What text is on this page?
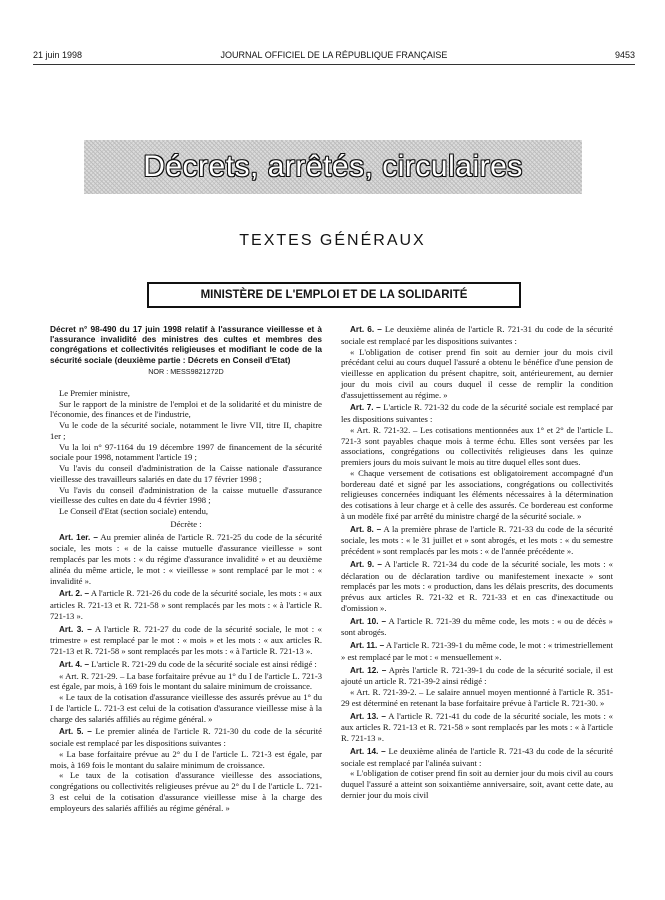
21 juin 1998	JOURNAL OFFICIEL DE LA RÉPUBLIQUE FRANÇAISE	9453
Décrets, arrêtés, circulaires
TEXTES GÉNÉRAUX
MINISTÈRE DE L'EMPLOI ET DE LA SOLIDARITÉ

Décret n° 98-490 du 17 juin 1998 relatif à l'assurance vieillesse et à l'assurance invalidité des ministres des cultes et membres des congrégations et collectivités religieuses et modifiant le code de la sécurité sociale (deuxième partie : Décrets en Conseil d'Etat)

NOR : MESS9821272D

Le Premier ministre,

Sur le rapport de la ministre de l'emploi et de la solidarité et du ministre de l'économie, des finances et de l'industrie,

Vu le code de la sécurité sociale, notamment le livre VII, titre II, chapitre 1er ;

Vu la loi n° 97-1164 du 19 décembre 1997 de financement de la sécurité sociale pour 1998, notamment l'article 19 ;

Vu l'avis du conseil d'administration de la Caisse nationale d'assurance vieillesse des travailleurs salariés en date du 17 février 1998 ;

Vu l'avis du conseil d'administration de la caisse mutuelle d'assurance vieillesse des cultes en date du 4 février 1998 ;

Le Conseil d'Etat (section sociale) entendu,

Décrète :

Art. 1er. – Au premier alinéa de l'article R. 721-25 du code de la sécurité sociale, les mots : « de la caisse mutuelle d'assurance vieillesse » sont remplacés par les mots : « du régime d'assurance invalidité » et au deuxième alinéa du même article, le mot : « vieillesse » sont remplacé par le mot : « invalidité ».

Art. 2. – A l'article R. 721-26 du code de la sécurité sociale, les mots : « aux articles R. 721-13 et R. 721-58 » sont remplacés par les mots : « à l'article R. 721-13 ».

Art. 3. – A l'article R. 721-27 du code de la sécurité sociale, le mot : « trimestre » est remplacé par le mot : « mois » et les mots : « aux articles R. 721-13 et R. 721-58 » sont remplacés par les mots : « à l'article R. 721-13 ».

Art. 4. – L'article R. 721-29 du code de la sécurité sociale est ainsi rédigé :

« Art. R. 721-29. – La base forfaitaire prévue au 1° du I de l'article L. 721-3 est égale, par mois, à 169 fois le montant du salaire minimum de croissance.

« Le taux de la cotisation d'assurance vieillesse des assurés prévue au 1° du I de l'article L. 721-3 est celui de la cotisation d'assurance vieillesse mise à la charge des salariés affiliés au régime général. »

Art. 5. – Le premier alinéa de l'article R. 721-30 du code de la sécurité sociale est remplacé par les dispositions suivantes :

« La base forfaitaire prévue au 2° du I de l'article L. 721-3 est égale, par mois, à 169 fois le montant du salaire minimum de croissance.

« Le taux de la cotisation d'assurance vieillesse des associations, congrégations ou collectivités religieuses prévue au 2° du I de l'article L. 721-3 est celui de la cotisation d'assurance vieillesse mise à la charge des employeurs des salariés affiliés au régime général. »

Art. 6. – Le deuxième alinéa de l'article R. 721-31 du code de la sécurité sociale est remplacé par les dispositions suivantes :

« L'obligation de cotiser prend fin soit au dernier jour du mois civil précédant celui au cours duquel l'assuré a obtenu le bénéfice d'une pension de vieillesse en application du présent chapitre, soit, antérieurement, au dernier jour du mois civil au cours duquel il cesse de remplir la condition d'assujettissement au régime. »

Art. 7. – L'article R. 721-32 du code de la sécurité sociale est remplacé par les dispositions suivantes :

« Art. R. 721-32. – Les cotisations mentionnées aux 1° et 2° de l'article L. 721-3 sont payables chaque mois à terme échu. Elles sont versées par les associations, congrégations ou collectivités religieuses dans les quinze premiers jours du mois suivant le mois au titre duquel elles sont dues.

« Chaque versement de cotisations est obligatoirement accompagné d'un bordereau daté et signé par les associations, congrégations ou collectivités religieuses concernées indiquant les éléments nécessaires à la détermination des cotisations à leur charge et à celle des assurés. Ce bordereau est conforme à un modèle fixé par arrêté du ministre chargé de la sécurité sociale. »

Art. 8. – A la première phrase de l'article R. 721-33 du code de la sécurité sociale, les mots : « le 31 juillet et » sont abrogés, et les mots : « du semestre précédent » sont remplacés par les mots : « de l'année précédente ».

Art. 9. – A l'article R. 721-34 du code de la sécurité sociale, les mots : « déclaration ou de déclaration tardive ou manifestement inexacte » sont remplacés par les mots : « production, dans les délais prescrits, des documents prévus aux articles R. 721-32 et R. 721-33 et en cas d'inexactitude ou d'omission ».

Art. 10. – A l'article R. 721-39 du même code, les mots : « ou de décès » sont abrogés.

Art. 11. – A l'article R. 721-39-1 du même code, le mot : « trimestriellement » est remplacé par le mot : « mensuellement ».

Art. 12. – Après l'article R. 721-39-1 du code de la sécurité sociale, il est ajouté un article R. 721-39-2 ainsi rédigé :

« Art. R. 721-39-2. – Le salaire annuel moyen mentionné à l'article R. 351-29 est déterminé en retenant la base forfaitaire prévue à l'article R. 721-30. »

Art. 13. – A l'article R. 721-41 du code de la sécurité sociale, les mots : « aux articles R. 721-13 et R. 721-58 » sont remplacés par les mots : « à l'article R. 721-13 ».

Art. 14. – Le deuxième alinéa de l'article R. 721-43 du code de la sécurité sociale est remplacé par l'alinéa suivant :

« L'obligation de cotiser prend fin soit au dernier jour du mois civil au cours duquel l'assuré a atteint son soixantième anniversaire, soit, avant cette date, au dernier jour du mois civil
